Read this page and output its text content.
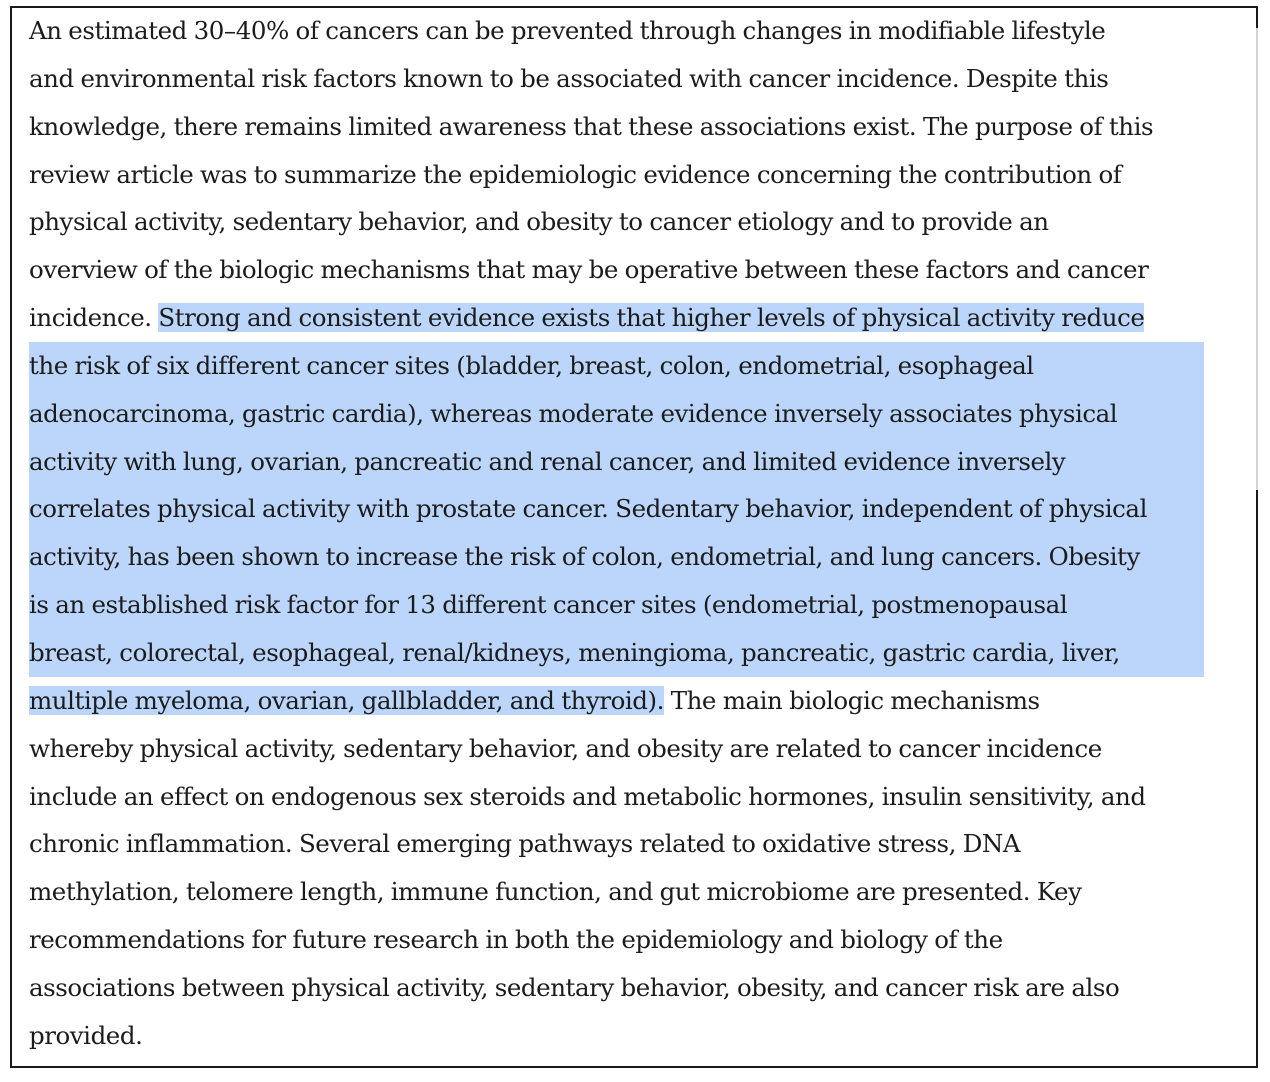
An estimated 30–40% of cancers can be prevented through changes in modifiable lifestyle
and environmental risk factors known to be associated with cancer incidence. Despite this
knowledge, there remains limited awareness that these associations exist. The purpose of this
review article was to summarize the epidemiologic evidence concerning the contribution of
physical activity, sedentary behavior, and obesity to cancer etiology and to provide an
overview of the biologic mechanisms that may be operative between these factors and cancer
incidence. Strong and consistent evidence exists that higher levels of physical activity reduce
the risk of six different cancer sites (bladder, breast, colon, endometrial, esophageal
adenocarcinoma, gastric cardia), whereas moderate evidence inversely associates physical
activity with lung, ovarian, pancreatic and renal cancer, and limited evidence inversely
correlates physical activity with prostate cancer. Sedentary behavior, independent of physical
activity, has been shown to increase the risk of colon, endometrial, and lung cancers. Obesity
is an established risk factor for 13 different cancer sites (endometrial, postmenopausal
breast, colorectal, esophageal, renal/kidneys, meningioma, pancreatic, gastric cardia, liver,
multiple myeloma, ovarian, gallbladder, and thyroid). The main biologic mechanisms
whereby physical activity, sedentary behavior, and obesity are related to cancer incidence
include an effect on endogenous sex steroids and metabolic hormones, insulin sensitivity, and
chronic inflammation. Several emerging pathways related to oxidative stress, DNA
methylation, telomere length, immune function, and gut microbiome are presented. Key
recommendations for future research in both the epidemiology and biology of the
associations between physical activity, sedentary behavior, obesity, and cancer risk are also
provided.
